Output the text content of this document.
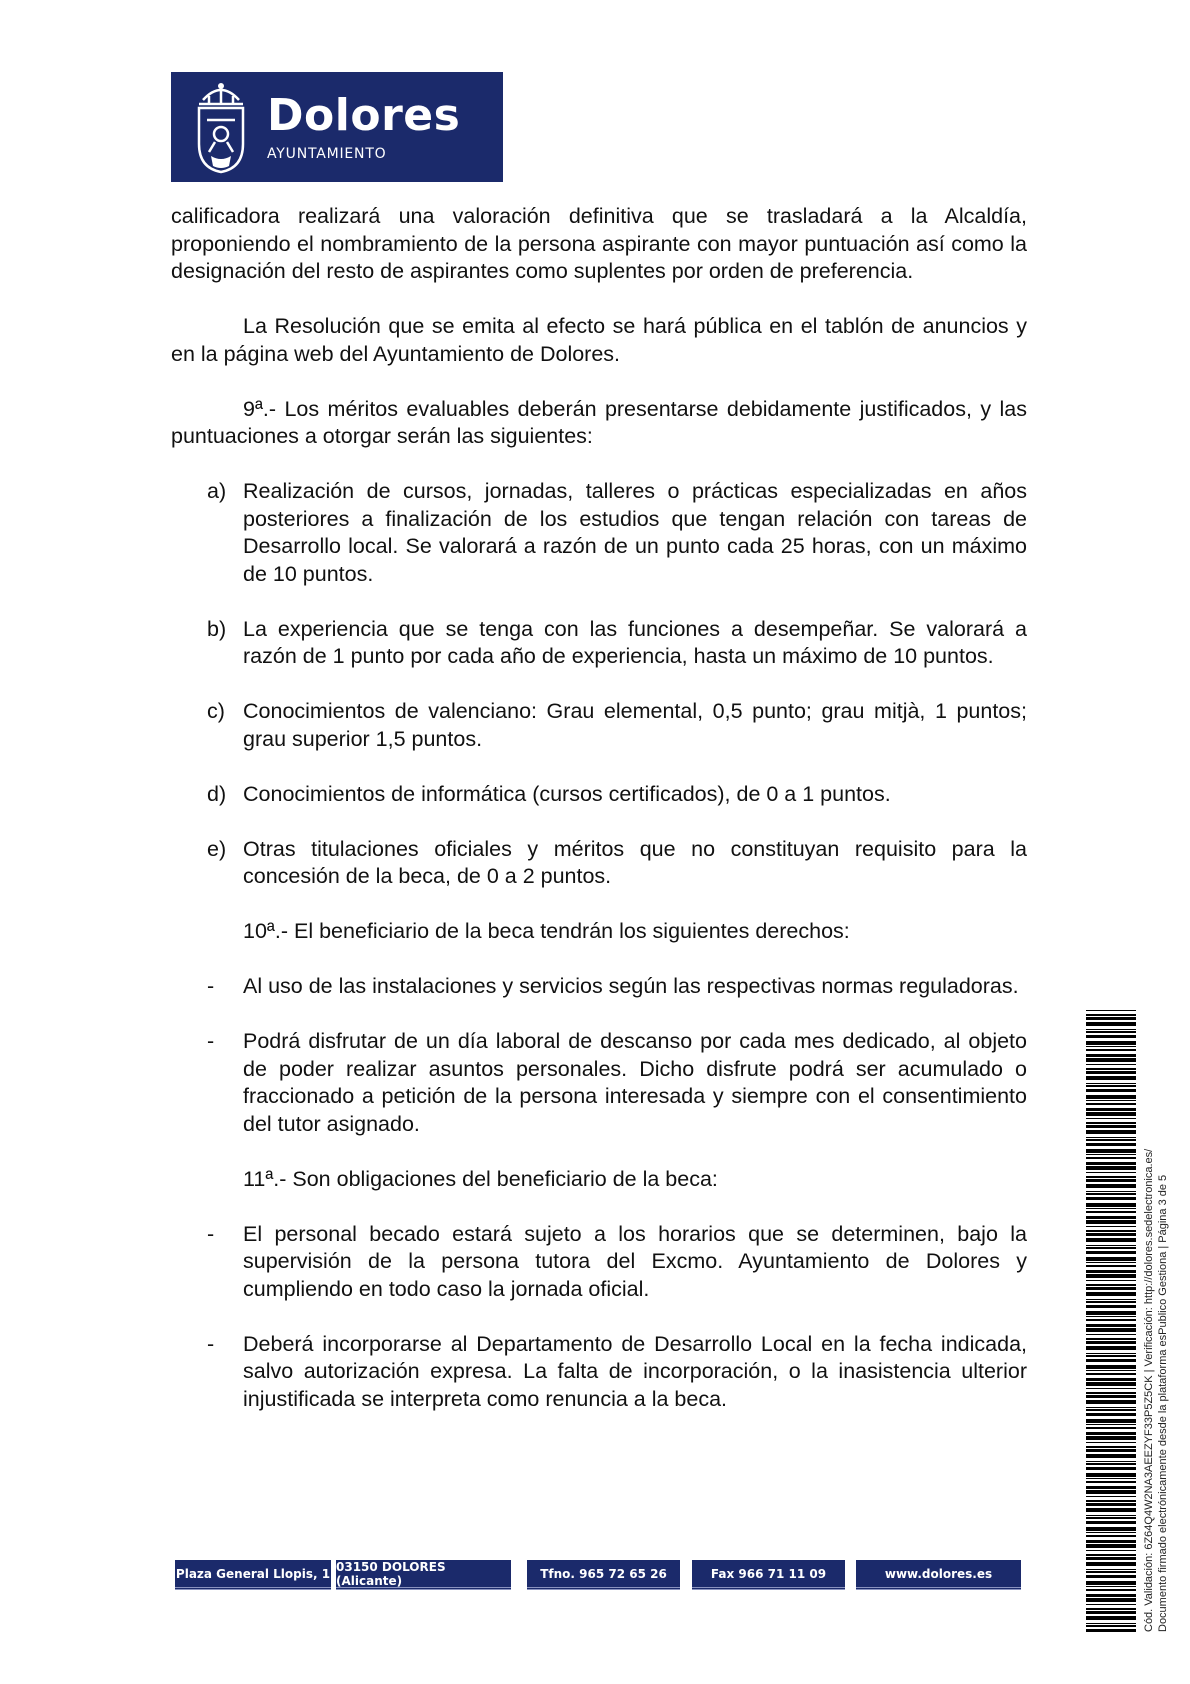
Dolores
AYUNTAMIENTO

calificadora realizará una valoración definitiva que se trasladará a la Alcaldía, proponiendo el nombramiento de la persona aspirante con mayor puntuación así como la designación del resto de aspirantes como suplentes por orden de preferencia.

La Resolución que se emita al efecto se hará pública en el tablón de anuncios y en la página web del Ayuntamiento de Dolores.

9ª.- Los méritos evaluables deberán presentarse debidamente justificados, y las puntuaciones a otorgar serán las siguientes:

a) Realización de cursos, jornadas, talleres o prácticas especializadas en años posteriores a finalización de los estudios que tengan relación con tareas de Desarrollo local. Se valorará a razón de un punto cada 25 horas, con un máximo de 10 puntos.
b) La experiencia que se tenga con las funciones a desempeñar. Se valorará a razón de 1 punto por cada año de experiencia, hasta un máximo de 10 puntos.
c) Conocimientos de valenciano: Grau elemental, 0,5 punto; grau mitjà, 1 puntos; grau superior 1,5 puntos.
d) Conocimientos de informática (cursos certificados), de 0 a 1 puntos.
e) Otras titulaciones oficiales y méritos que no constituyan requisito para la concesión de la beca, de 0 a 2 puntos.

10ª.- El beneficiario de la beca tendrán los siguientes derechos:

-	Al uso de las instalaciones y servicios según las respectivas normas reguladoras.
-	Podrá disfrutar de un día laboral de descanso por cada mes dedicado, al objeto de poder realizar asuntos personales. Dicho disfrute podrá ser acumulado o fraccionado a petición de la persona interesada y siempre con el consentimiento del tutor asignado.

11ª.- Son obligaciones del beneficiario de la beca:

-	El personal becado estará sujeto a los horarios que se determinen, bajo la supervisión de la persona tutora del Excmo. Ayuntamiento de Dolores y cumpliendo en todo caso la jornada oficial.
-	Deberá incorporarse al Departamento de Desarrollo Local en la fecha indicada, salvo autorización expresa. La falta de incorporación, o la inasistencia ulterior injustificada se interpreta como renuncia a la beca.
Plaza General Llopis, 1 03150 DOLORES (Alicante)	Tfno. 965 72 65 26	Fax 966 71 11 09	www.dolores.es	Cód. Validación: 6Z64Q4W2NA3AEEZYF33P5Z5CK | Verificación: http://dolores.sedelectronica.es/ Documento firmado electrónicamente desde la plataforma esPublico Gestiona | Página 3 de 5
